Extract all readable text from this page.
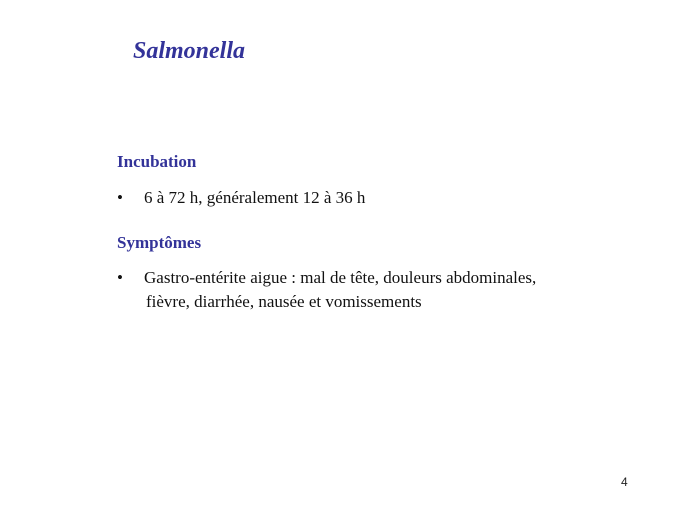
Salmonella
Incubation
• 6 à 72 h, généralement 12 à 36 h
Symptômes
• Gastro-entérite aigue : mal de tête, douleurs abdominales,
fièvre, diarrhée, nausée et vomissements
4
